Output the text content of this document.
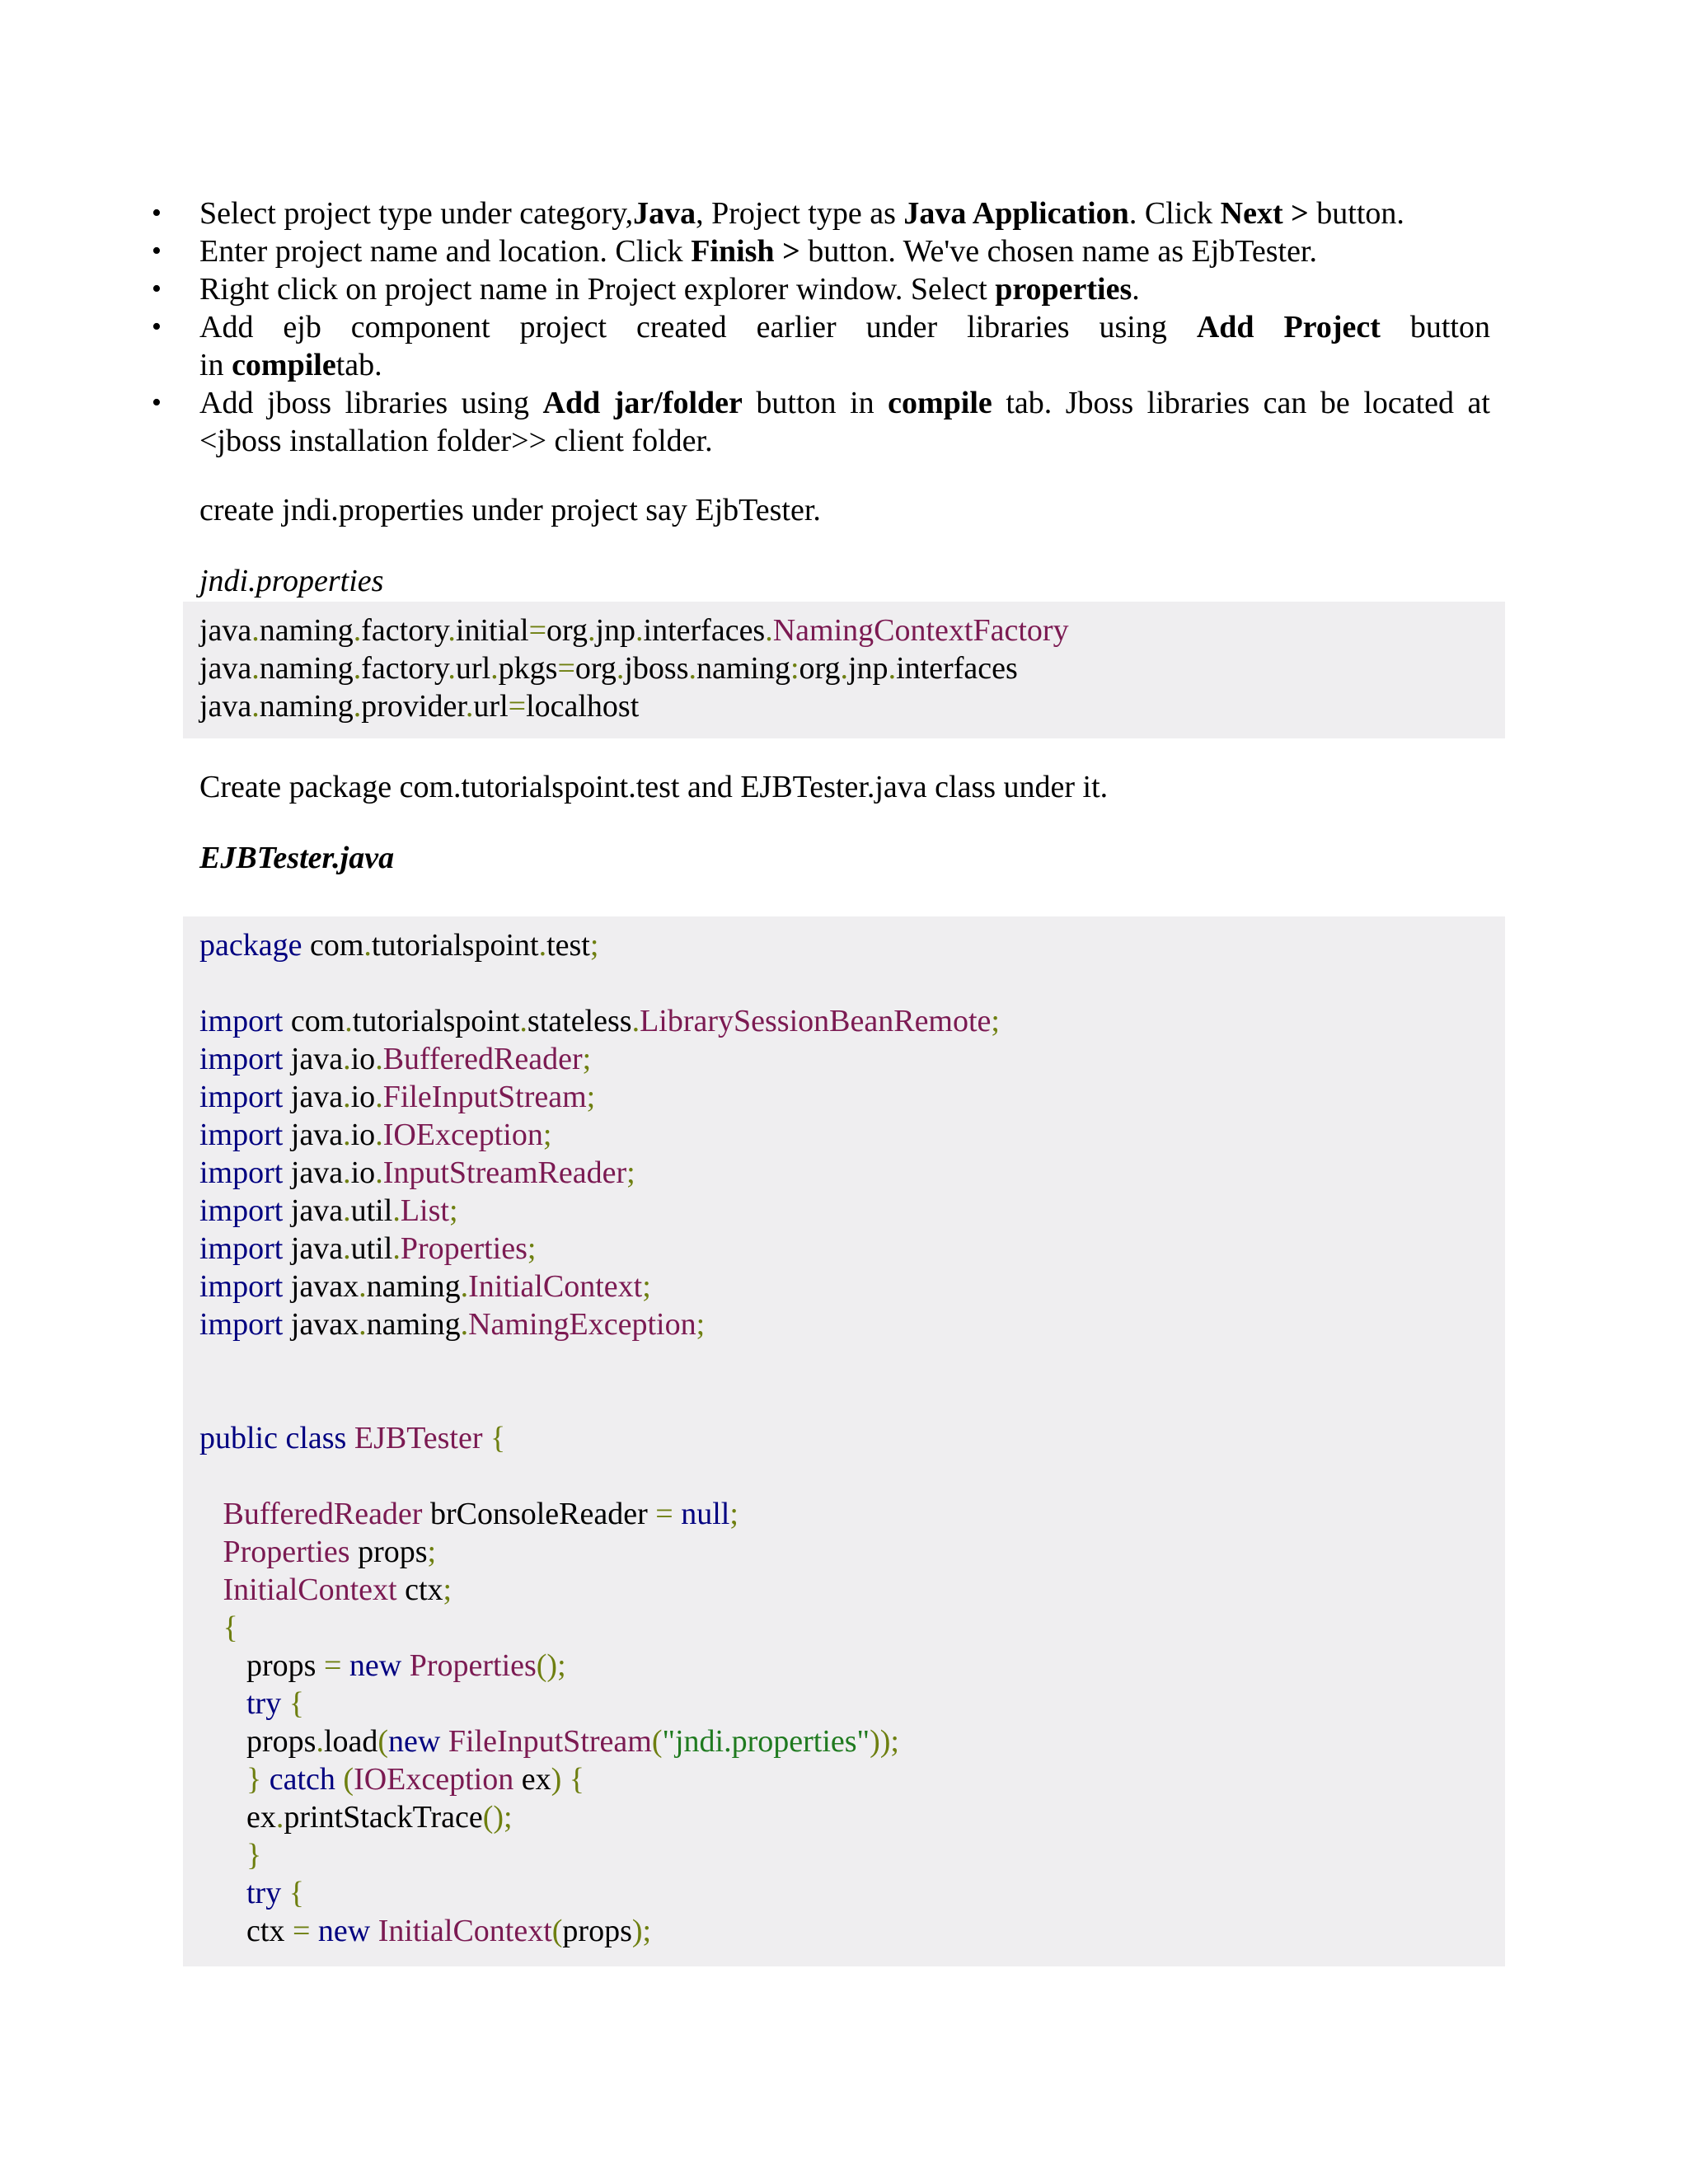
• Select project type under category,Java, Project type as Java Application. Click Next > button.
• Enter project name and location. Click Finish > button. We've chosen name as EjbTester.
• Right click on project name in Project explorer window. Select properties.
• Add ejb component project created earlier under libraries using Add Project button
in compiletab.
• Add jboss libraries using Add jar/folder button in compile tab. Jboss libraries can be located at
<jboss installation folder>> client folder.
create jndi.properties under project say EjbTester.
jndi.properties
java.naming.factory.initial=org.jnp.interfaces.NamingContextFactory
java.naming.factory.url.pkgs=org.jboss.naming:org.jnp.interfaces
java.naming.provider.url=localhost
Create package com.tutorialspoint.test and EJBTester.java class under it.
EJBTester.java
package com.tutorialspoint.test;
import com.tutorialspoint.stateless.LibrarySessionBeanRemote;
import java.io.BufferedReader;
import java.io.FileInputStream;
import java.io.IOException;
import java.io.InputStreamReader;
import java.util.List;
import java.util.Properties;
import javax.naming.InitialContext;
import javax.naming.NamingException;
public class EJBTester {
BufferedReader brConsoleReader = null;
Properties props;
InitialContext ctx;
{
props = new Properties();
try {
props.load(new FileInputStream("jndi.properties"));
} catch (IOException ex) {
ex.printStackTrace();
}
try {
ctx = new InitialContext(props);
